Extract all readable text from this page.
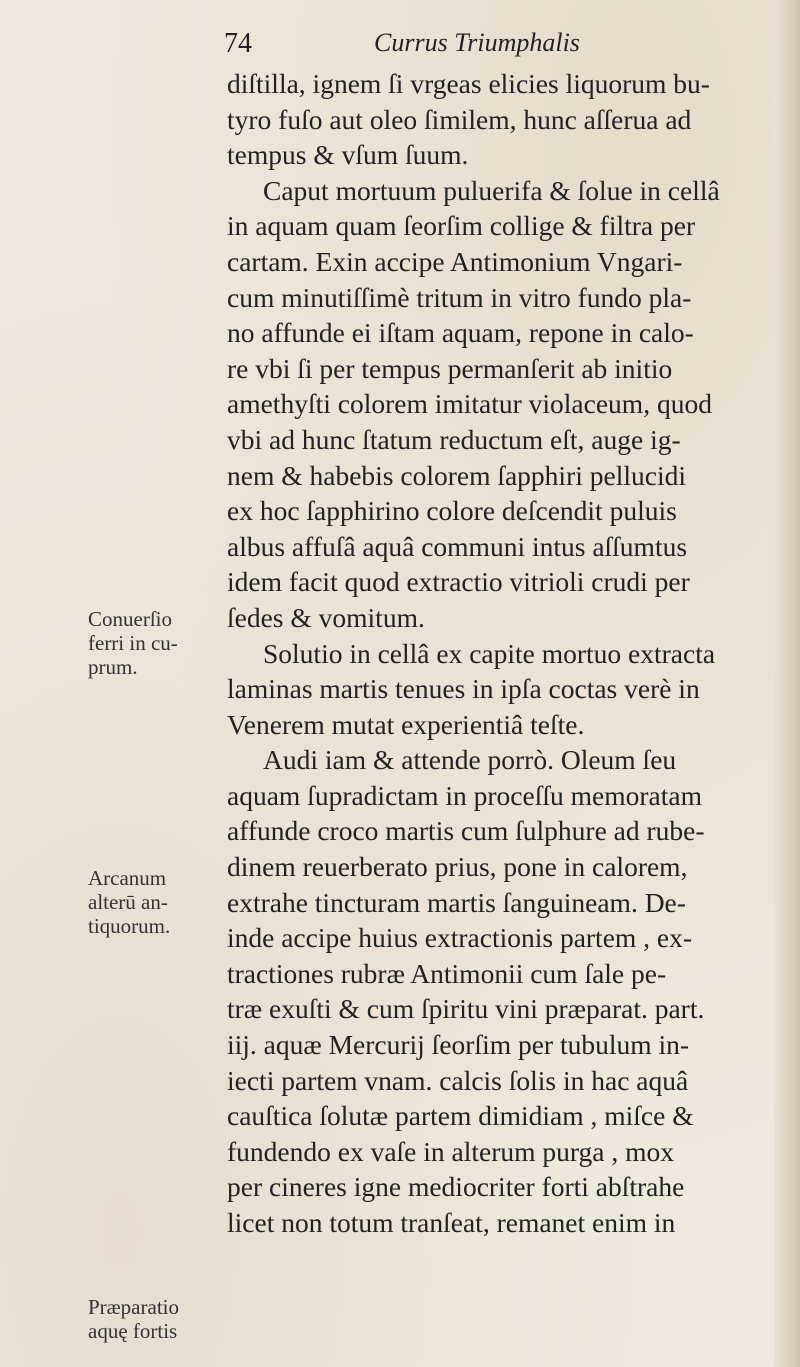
74	Currus Triumphalis
diſtilla, ignem ſi vrgeas elicies liquorum bu-
tyro fuſo aut oleo ſimilem, hunc aſſerua ad
tempus & vſum ſuum.
Caput mortuum puluerifa & ſolue in cellâ
in aquam quam ſeorſim collige & filtra per
cartam. Exin accipe Antimonium Vngari-
cum minutiſſimè tritum in vitro fundo pla-
no affunde ei iſtam aquam, repone in calo-
re vbi ſi per tempus permanſerit ab initio
amethyſti colorem imitatur violaceum, quod
vbi ad hunc ſtatum reductum eſt, auge ig-
nem & habebis colorem ſapphiri pellucidi
ex hoc ſapphirino colore deſcendit puluis
albus affuſâ aquâ communi intus aſſumtus
idem facit quod extractio vitrioli crudi per
ſedes & vomitum.
Solutio in cellâ ex capite mortuo extracta
laminas martis tenues in ipſa coctas verè in
Venerem mutat experientiâ teſte.
Audi iam & attende porrò. Oleum ſeu
aquam ſupradictam in proceſſu memoratam
affunde croco martis cum ſulphure ad rube-
dinem reuerberato prius, pone in calorem,
extrahe tincturam martis ſanguineam. De-
inde accipe huius extractionis partem , ex-
tractiones rubræ Antimonii cum ſale pe-
træ exuſti & cum ſpiritu vini præparat. part.
iij. aquæ Mercurij ſeorſim per tubulum in-
iecti partem vnam. calcis ſolis in hac aquâ
cauſtica ſolutæ partem dimidiam , miſce &
fundendo ex vaſe in alterum purga , mox
per cineres igne mediocriter forti abſtrahe
licet non totum tranſeat, remanet enim in
Conuerſio
ferri in cu-
prum.
Arcanum
alterū an-
tiquorum.
Præparatio
aquę fortis
